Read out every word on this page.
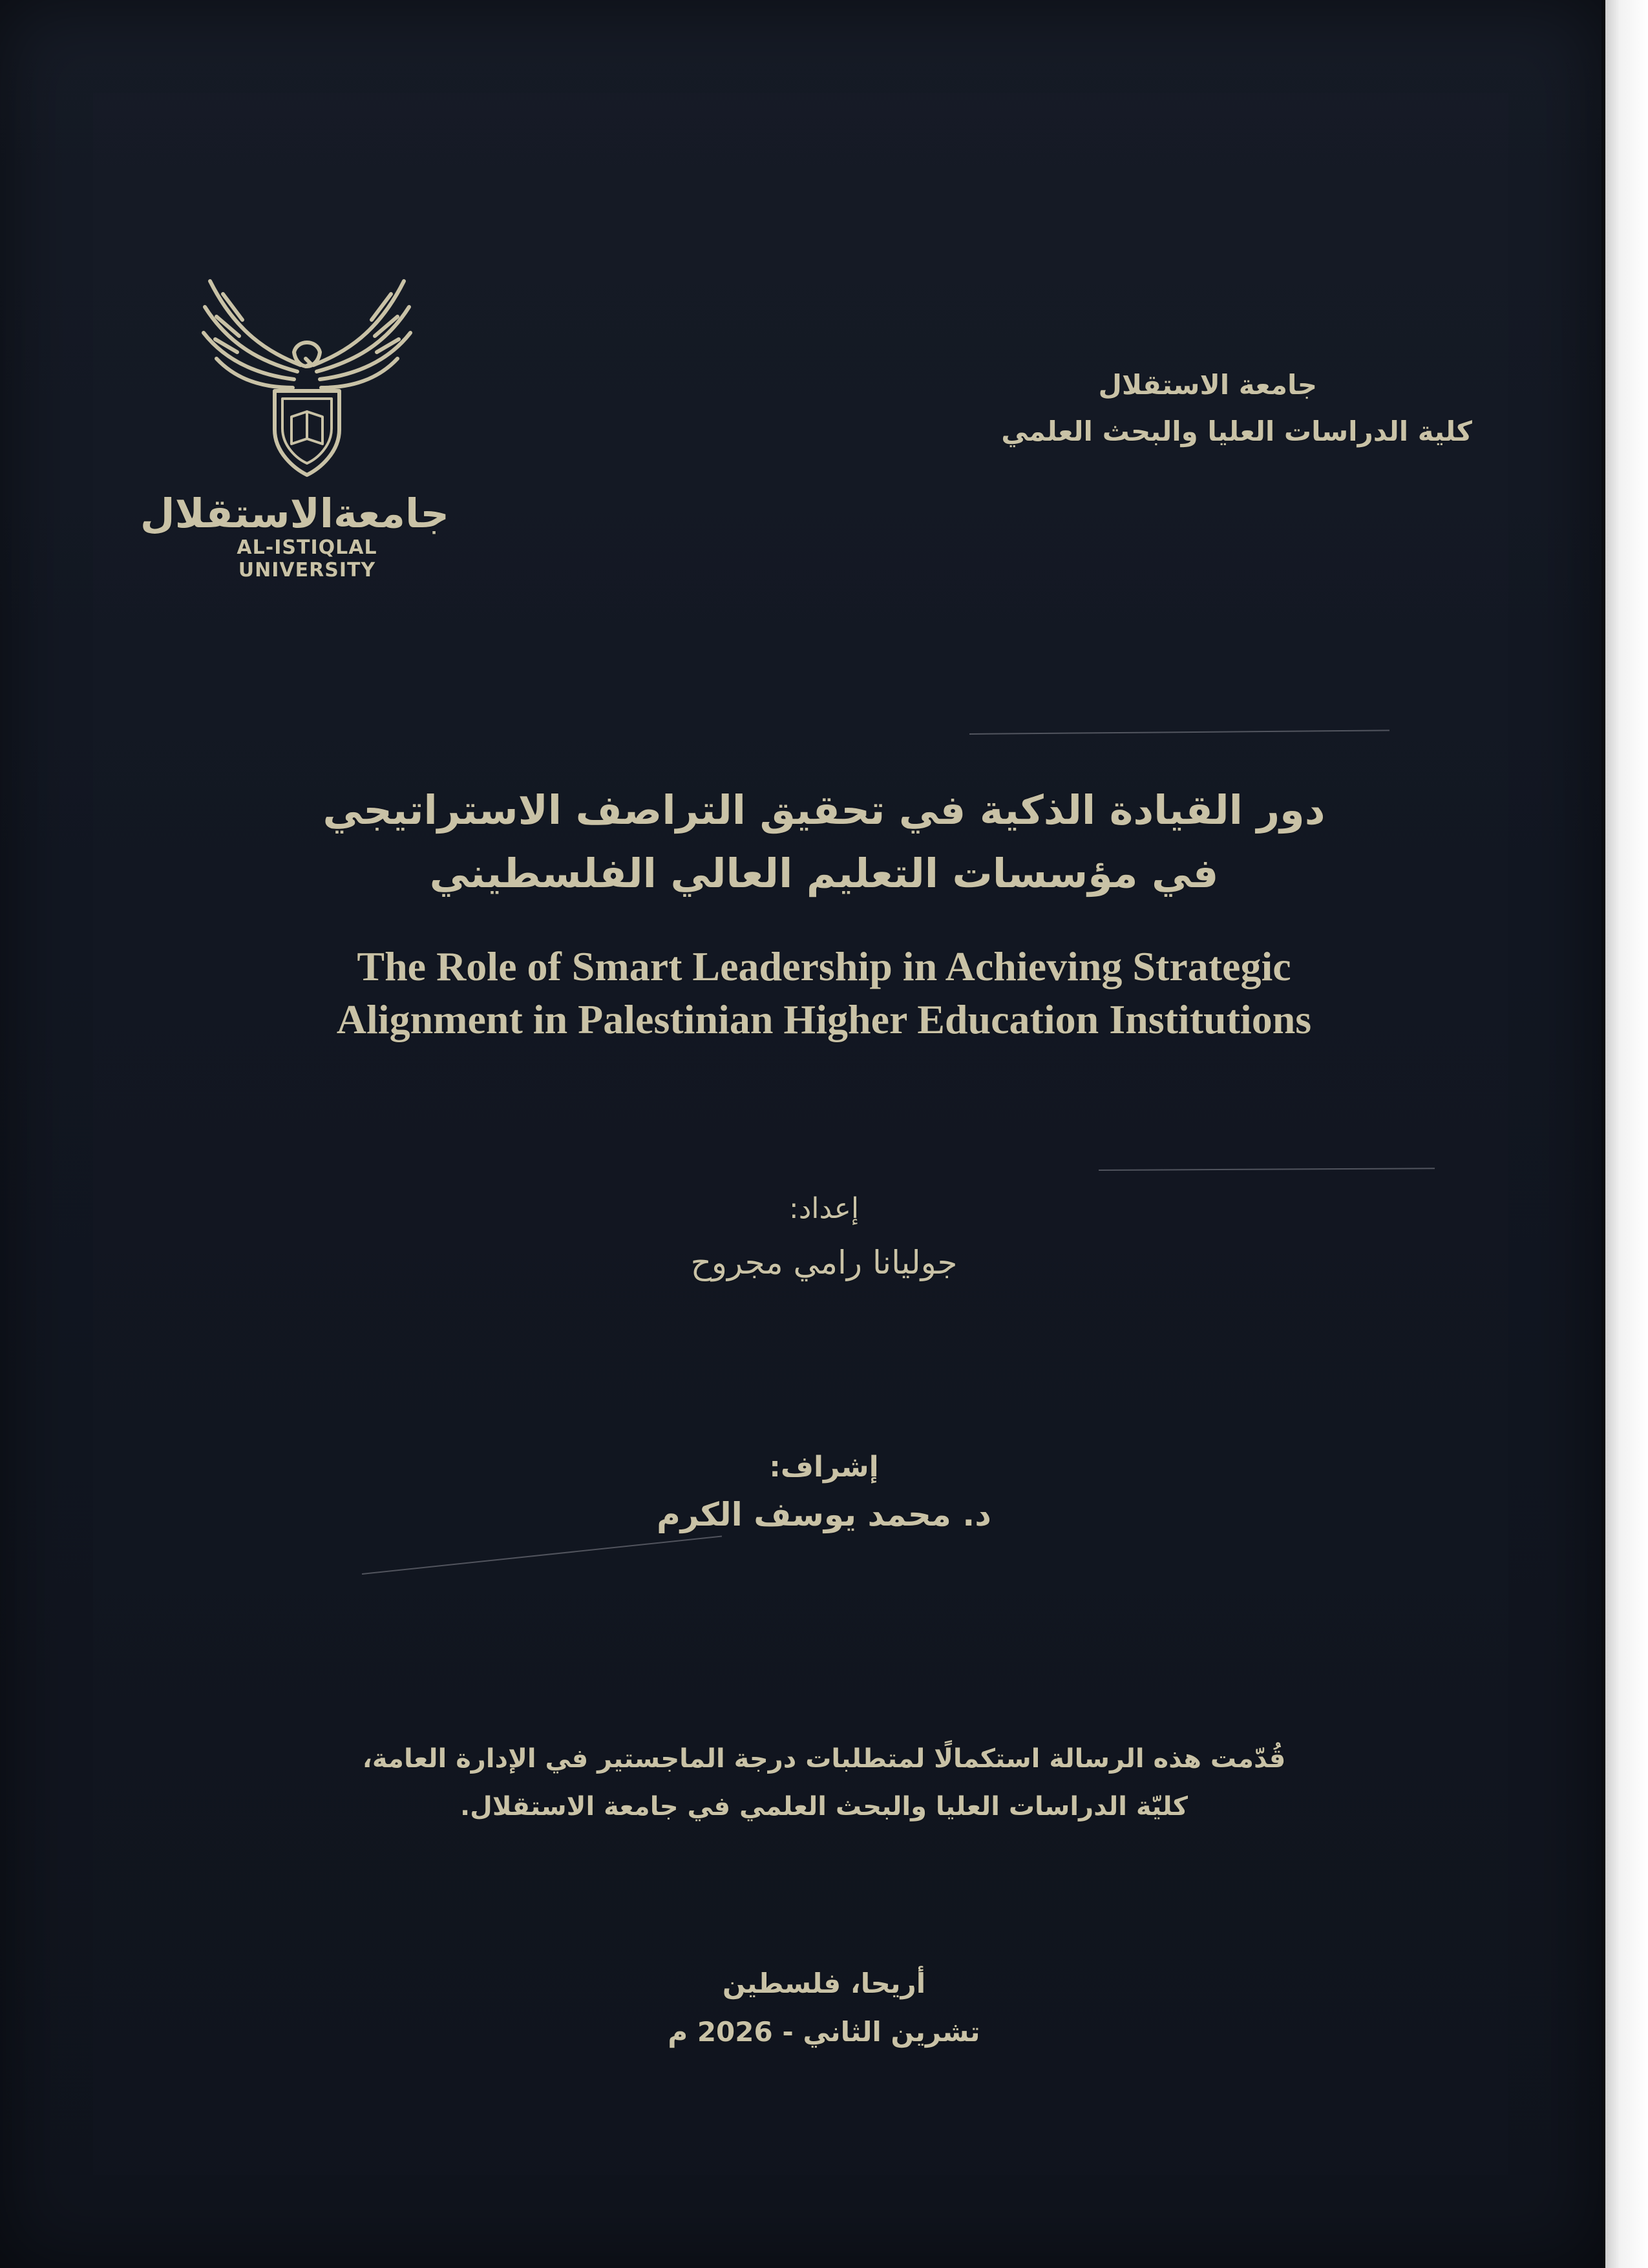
جامعةالاستقلال
AL-ISTIQLAL UNIVERSITY
جامعة الاستقلال
كلية الدراسات العليا والبحث العلمي
دور القيادة الذكية في تحقيق التراصف الاستراتيجي
في مؤسسات التعليم العالي الفلسطيني
The Role of Smart Leadership in Achieving Strategic
Alignment in Palestinian Higher Education Institutions
إعداد:
جوليانا رامي مجروح
إشراف:
د. محمد يوسف الكرم
قُدّمت هذه الرسالة استكمالًا لمتطلبات درجة الماجستير في الإدارة العامة،
كليّة الدراسات العليا والبحث العلمي في جامعة الاستقلال.
أريحا، فلسطين
تشرين الثاني - 2026 م
